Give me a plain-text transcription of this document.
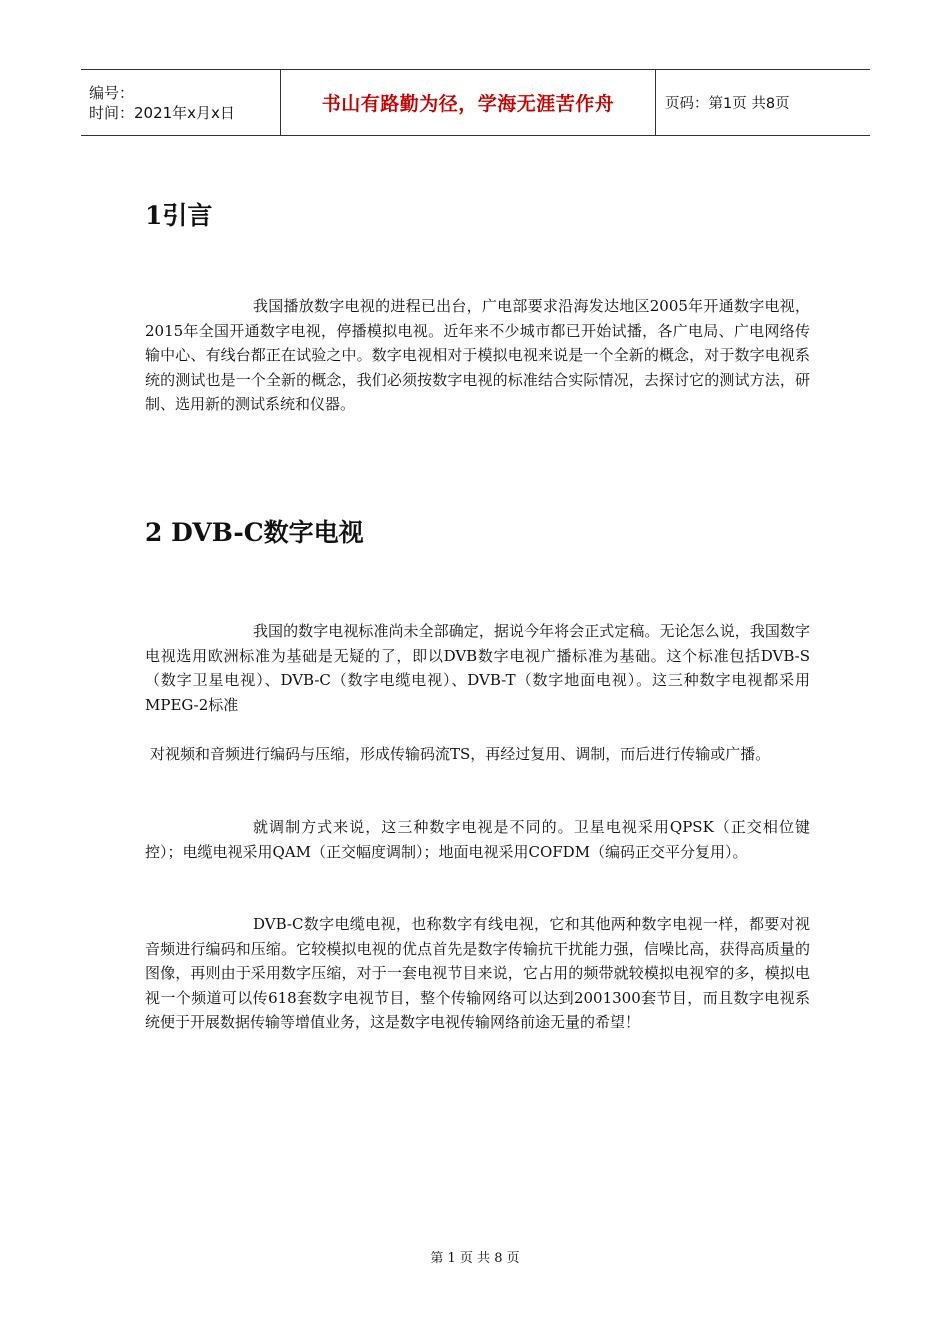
编号：
时间：2021年x月x日	书山有路勤为径，学海无涯苦作舟	页码：第1页 共8页
1引言

我国播放数字电视的进程已出台，广电部要求沿海发达地区2005年开通数字电视，2015年全国开通数字电视，停播模拟电视。近年来不少城市都已开始试播，各广电局、广电网络传输中心、有线台都正在试验之中。数字电视相对于模拟电视来说是一个全新的概念，对于数字电视系统的测试也是一个全新的概念，我们必须按数字电视的标准结合实际情况，去探讨它的测试方法，研制、选用新的测试系统和仪器。

2 DVB-C数字电视

我国的数字电视标准尚未全部确定，据说今年将会正式定稿。无论怎么说，我国数字电视选用欧洲标准为基础是无疑的了，即以DVB数字电视广播标准为基础。这个标准包括DVB-S（数字卫星电视）、DVB-C（数字电缆电视）、DVB-T（数字地面电视）。这三种数字电视都采用MPEG-2标准

对视频和音频进行编码与压缩，形成传输码流TS，再经过复用、调制，而后进行传输或广播。

就调制方式来说，这三种数字电视是不同的。卫星电视采用QPSK（正交相位键控）；电缆电视采用QAM（正交幅度调制）；地面电视采用COFDM（编码正交平分复用）。

DVB-C数字电缆电视，也称数字有线电视，它和其他两种数字电视一样，都要对视音频进行编码和压缩。它较模拟电视的优点首先是数字传输抗干扰能力强，信噪比高，获得高质量的图像，再则由于采用数字压缩，对于一套电视节目来说，它占用的频带就较模拟电视窄的多，模拟电视一个频道可以传618套数字电视节目，整个传输网络可以达到2001300套节目，而且数字电视系统便于开展数据传输等增值业务，这是数字电视传输网络前途无量的希望！

第 1 页 共 8 页
